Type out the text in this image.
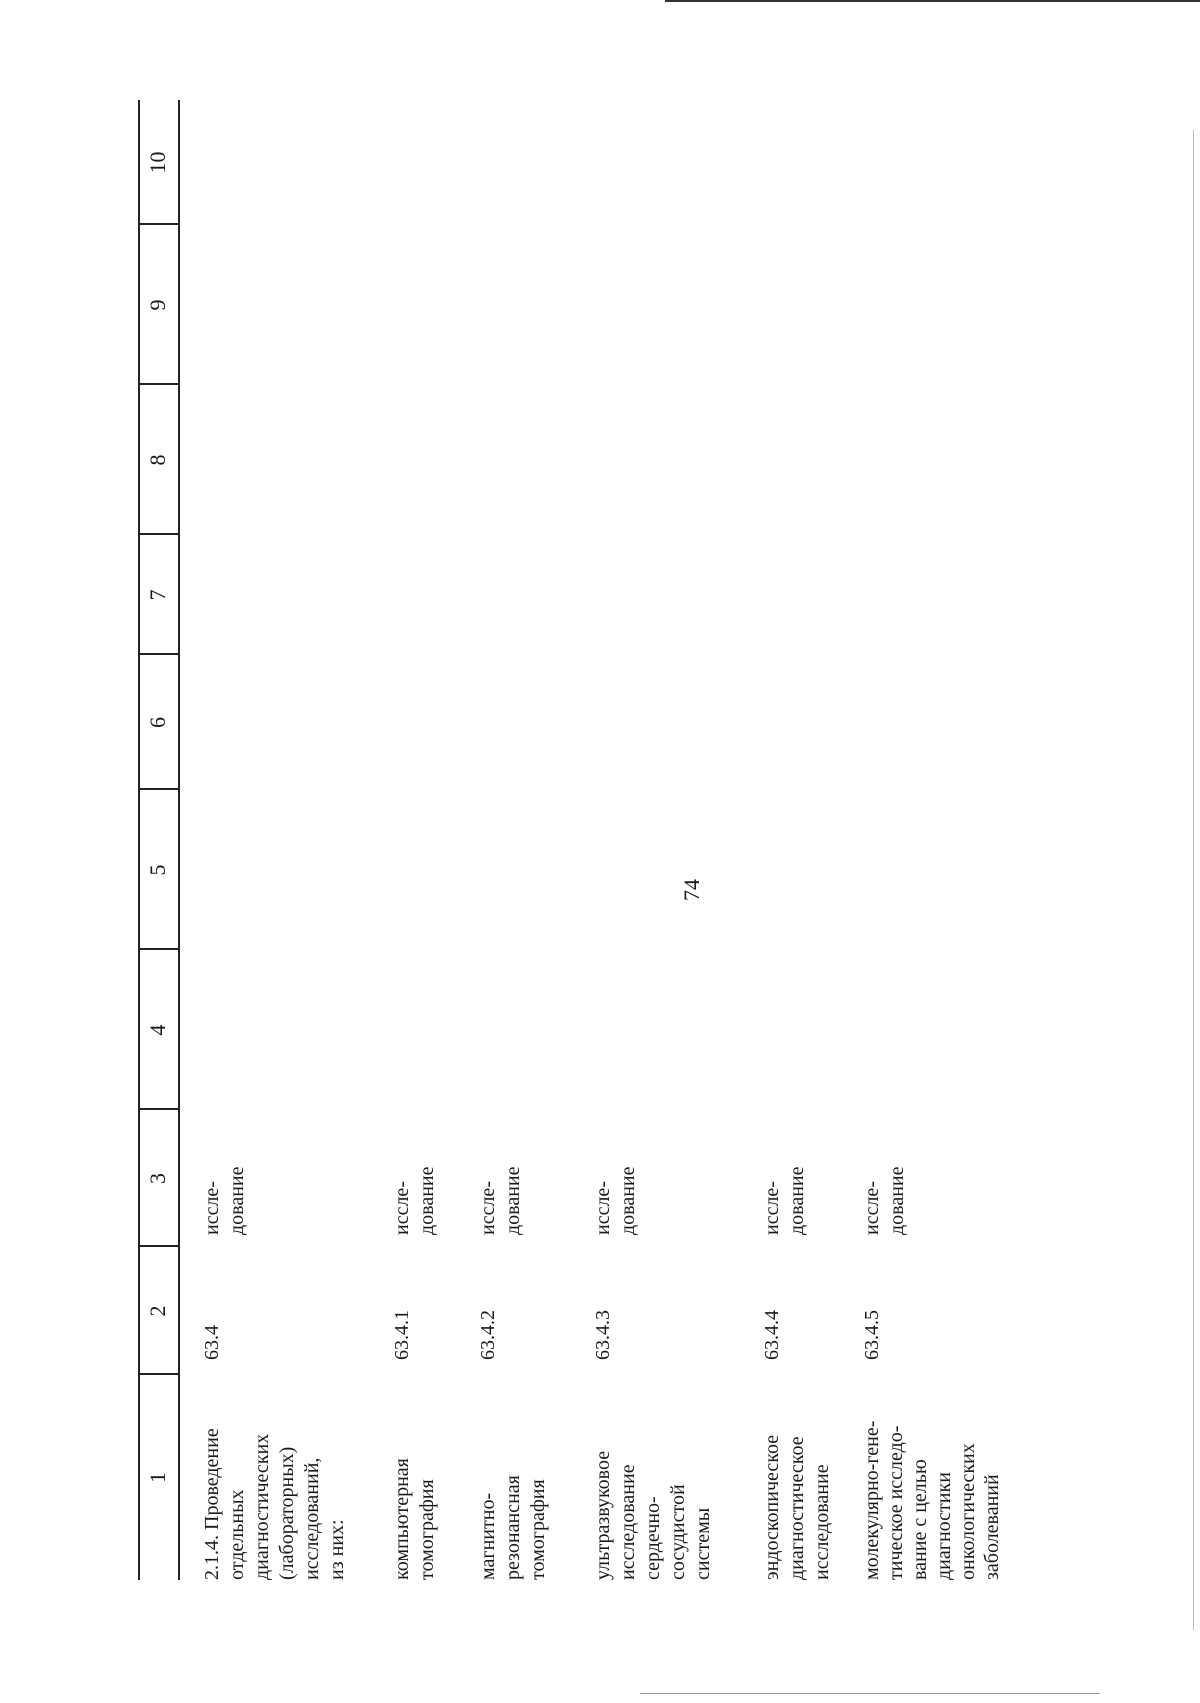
74
1
2
3
4
5
6
7
8
9
10
2.1.4. Проведение
отдельных
диагностических
(лабораторных)
исследований,
из них:
63.4
иссле-
дование
компьютерная
томография
63.4.1
иссле-
дование
магнитно-
резонансная
томография
63.4.2
иссле-
дование
ультразвуковое
исследование
сердечно-
сосудистой
системы
63.4.3
иссле-
дование
эндоскопическое
диагностическое
исследование
63.4.4
иссле-
дование
молекулярно-гене-
тическое исследо-
вание с целью
диагностики
онкологических
заболеваний
63.4.5
иссле-
дование
